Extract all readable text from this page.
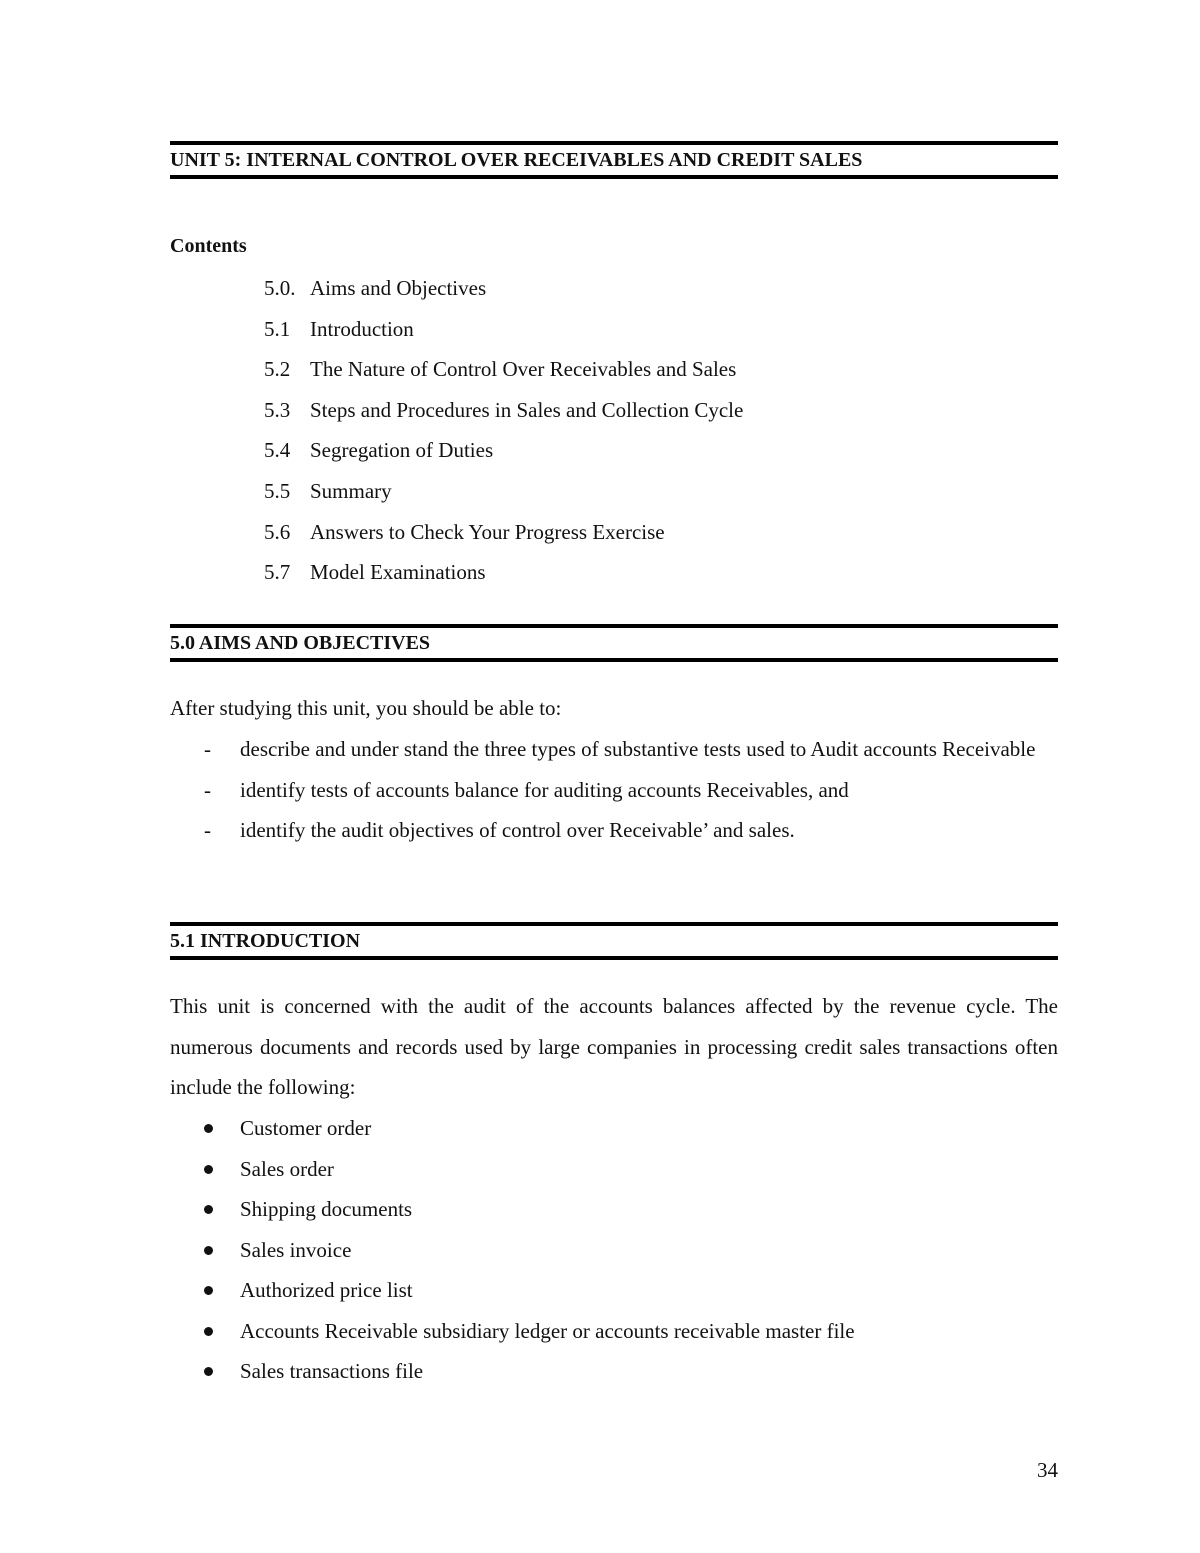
UNIT 5: INTERNAL CONTROL OVER RECEIVABLES AND CREDIT SALES
Contents
5.0. Aims and Objectives
5.1 Introduction
5.2 The Nature of Control Over Receivables and Sales
5.3 Steps and Procedures in Sales and Collection Cycle
5.4 Segregation of Duties
5.5 Summary
5.6 Answers to Check Your Progress Exercise
5.7 Model Examinations
5.0 AIMS AND OBJECTIVES

After studying this unit, you should be able to:

- describe and under stand the three types of substantive tests used to Audit accounts Receivable
- identify tests of accounts balance for auditing accounts Receivables, and
- identify the audit objectives of control over Receivable’ and sales.
5.1 INTRODUCTION

This unit is concerned with the audit of the accounts balances affected by the revenue cycle. The numerous documents and records used by large companies in processing credit sales transactions often include the following:

Customer order
Sales order
Shipping documents
Sales invoice
Authorized price list
Accounts Receivable subsidiary ledger or accounts receivable master file
Sales transactions file
34
